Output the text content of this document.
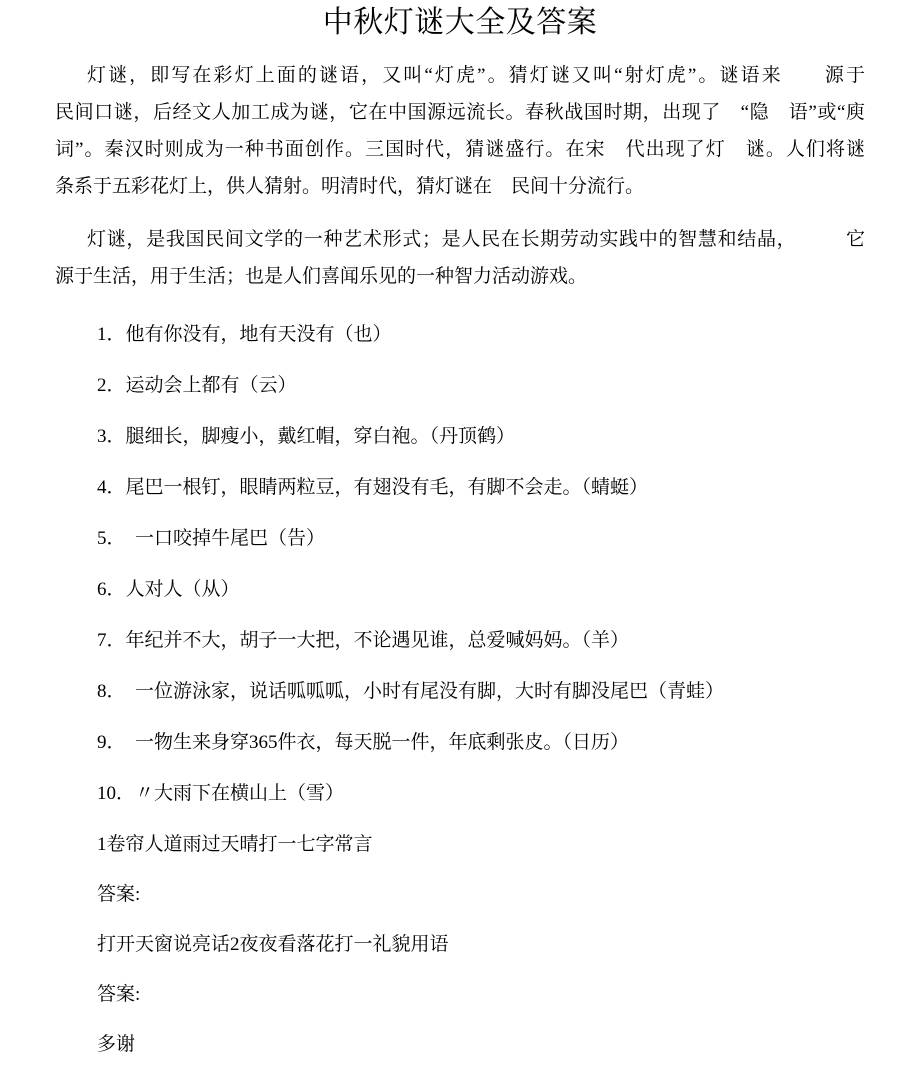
中秋灯谜大全及答案
灯谜，即写在彩灯上面的谜语，又叫“灯虎”。猜灯谜又叫“射灯虎”。谜语来　　源于
民间口谜，后经文人加工成为谜，它在中国源远流长。春秋战国时期，出现了　“隐　语”或“庾
词”。秦汉时则成为一种书面创作。三国时代，猜谜盛行。在宋　代出现了灯　谜。人们将谜
条系于五彩花灯上，供人猜射。明清时代，猜灯谜在　民间十分流行。
灯谜，是我国民间文学的一种艺术形式；是人民在长期劳动实践中的智慧和结晶，　　　它
源于生活，用于生活；也是人们喜闻乐见的一种智力活动游戏。
1．他有你没有，地有天没有（也）
2．运动会上都有（云）
3．腿细长，脚瘦小，戴红帽，穿白袍。（丹顶鹤）
4．尾巴一根钉，眼睛两粒豆，有翅没有毛，有脚不会走。（蜻蜓）
5．　一口咬掉牛尾巴（告）
6．人对人（从）
7．年纪并不大，胡子一大把，不论遇见谁，总爱喊妈妈。（羊）
8．　一位游泳家，说话呱呱呱，小时有尾没有脚，大时有脚没尾巴（青蛙）
9．　一物生来身穿365件衣，每天脱一件，年底剩张皮。（日历）
10．〃大雨下在横山上（雪）
1卷帘人道雨过天晴打一七字常言
答案:
打开天窗说亮话2夜夜看落花打一礼貌用语
答案:
多谢
